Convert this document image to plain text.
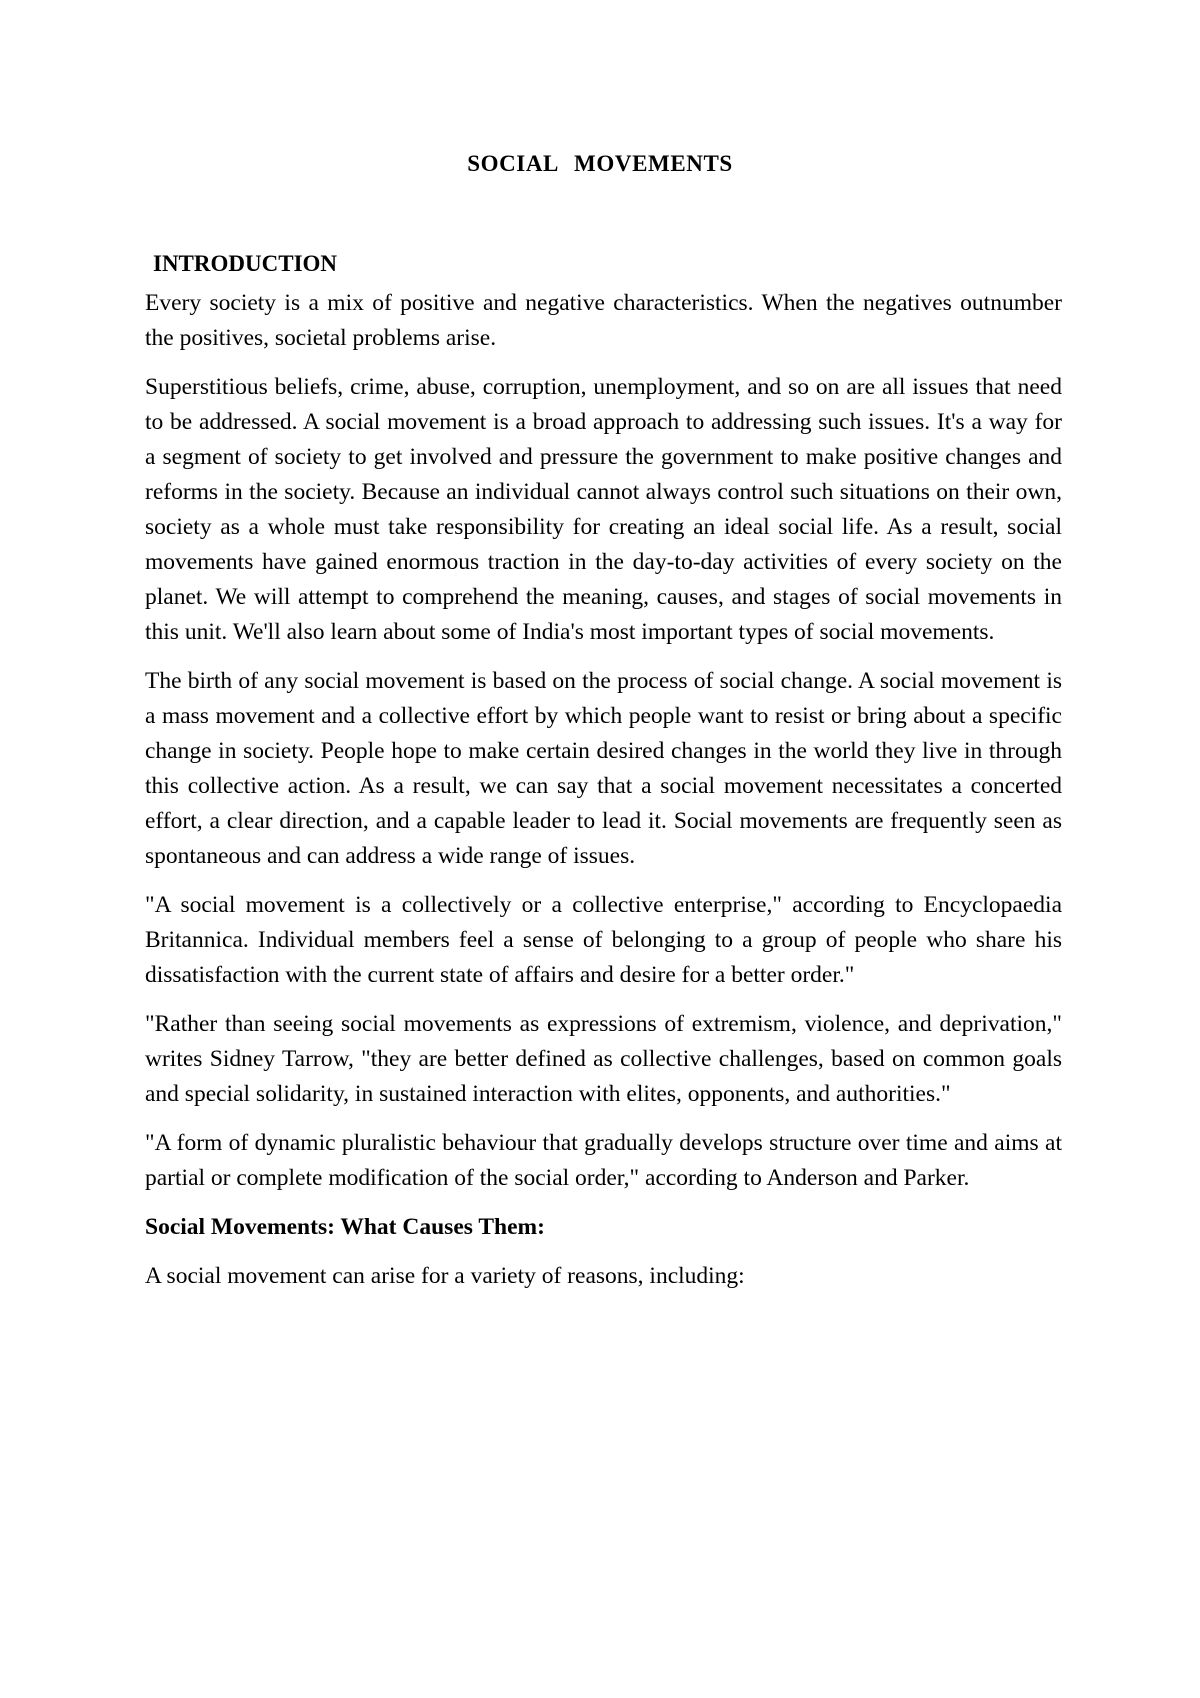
SOCIAL MOVEMENTS
INTRODUCTION

Every society is a mix of positive and negative characteristics. When the negatives outnumber the positives, societal problems arise.

Superstitious beliefs, crime, abuse, corruption, unemployment, and so on are all issues that need to be addressed. A social movement is a broad approach to addressing such issues. It's a way for a segment of society to get involved and pressure the government to make positive changes and reforms in the society. Because an individual cannot always control such situations on their own, society as a whole must take responsibility for creating an ideal social life. As a result, social movements have gained enormous traction in the day-to-day activities of every society on the planet. We will attempt to comprehend the meaning, causes, and stages of social movements in this unit. We'll also learn about some of India's most important types of social movements.

The birth of any social movement is based on the process of social change. A social movement is a mass movement and a collective effort by which people want to resist or bring about a specific change in society. People hope to make certain desired changes in the world they live in through this collective action. As a result, we can say that a social movement necessitates a concerted effort, a clear direction, and a capable leader to lead it. Social movements are frequently seen as spontaneous and can address a wide range of issues.

"A social movement is a collectively or a collective enterprise," according to Encyclopaedia Britannica. Individual members feel a sense of belonging to a group of people who share his dissatisfaction with the current state of affairs and desire for a better order."

"Rather than seeing social movements as expressions of extremism, violence, and deprivation," writes Sidney Tarrow, "they are better defined as collective challenges, based on common goals and special solidarity, in sustained interaction with elites, opponents, and authorities."

"A form of dynamic pluralistic behaviour that gradually develops structure over time and aims at partial or complete modification of the social order," according to Anderson and Parker.

Social Movements: What Causes Them:

A social movement can arise for a variety of reasons, including:
